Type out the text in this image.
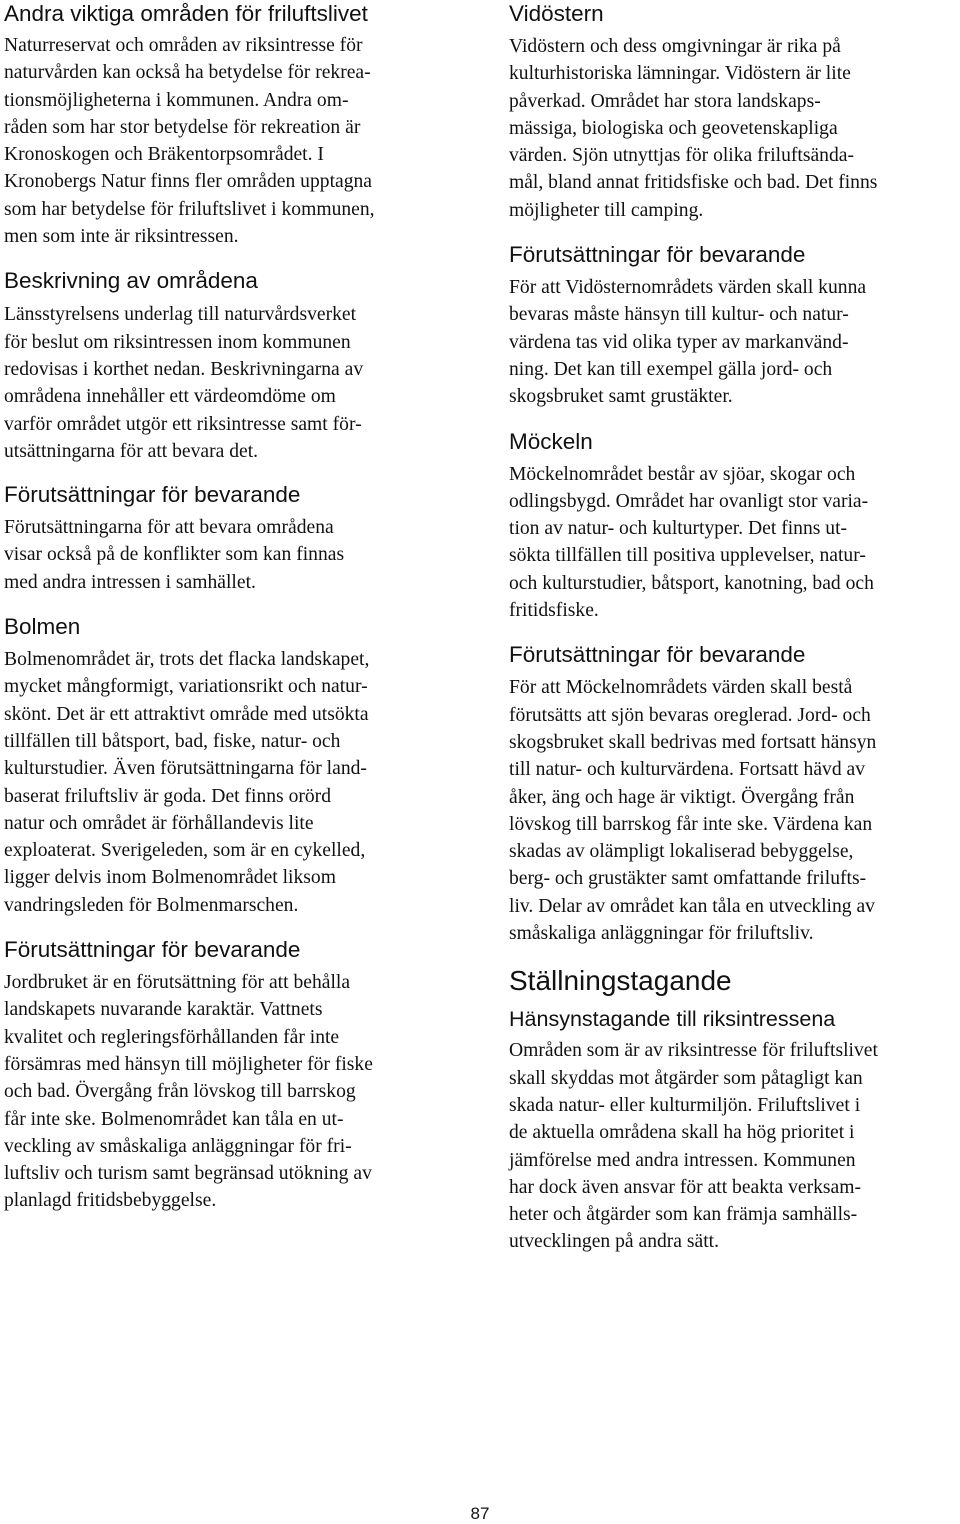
Andra viktiga områden för friluftslivet

Naturreservat och områden av riksintresse för
naturvården kan också ha betydelse för rekrea-
tionsmöjligheterna i kommunen. Andra om-
råden som har stor betydelse för rekreation är
Kronoskogen och Bräkentorpsområdet. I
Kronobergs Natur finns fler områden upptagna
som har betydelse för friluftslivet i kommunen,
men som inte är riksintressen.

Beskrivning av områdena

Länsstyrelsens underlag till naturvårdsverket
för beslut om riksintressen inom kommunen
redovisas i korthet nedan. Beskrivningarna av
områdena innehåller ett värdeomdöme om
varför området utgör ett riksintresse samt för-
utsättningarna för att bevara det.

Förutsättningar för bevarande

Förutsättningarna för att bevara områdena
visar också på de konflikter som kan finnas
med andra intressen i samhället.

Bolmen

Bolmenområdet är, trots det flacka landskapet,
mycket mångformigt, variationsrikt och natur-
skönt. Det är ett attraktivt område med utsökta
tillfällen till båtsport, bad, fiske, natur- och
kulturstudier. Även förutsättningarna för land-
baserat friluftsliv är goda. Det finns orörd
natur och området är förhållandevis lite
exploaterat. Sverigeleden, som är en cykelled,
ligger delvis inom Bolmenområdet liksom
vandringsleden för Bolmenmarschen.

Förutsättningar för bevarande

Jordbruket är en förutsättning för att behålla
landskapets nuvarande karaktär. Vattnets
kvalitet och regleringsförhållanden får inte
försämras med hänsyn till möjligheter för fiske
och bad. Övergång från lövskog till barrskog
får inte ske. Bolmenområdet kan tåla en ut-
veckling av småskaliga anläggningar för fri-
luftsliv och turism samt begränsad utökning av
planlagd fritidsbebyggelse.

Vidöstern

Vidöstern och dess omgivningar är rika på
kulturhistoriska lämningar. Vidöstern är lite
påverkad. Området har stora landskaps-
mässiga, biologiska och geovetenskapliga
värden. Sjön utnyttjas för olika friluftsända-
mål, bland annat fritidsfiske och bad. Det finns
möjligheter till camping.

Förutsättningar för bevarande

För att Vidösternområdets värden skall kunna
bevaras måste hänsyn till kultur- och natur-
värdena tas vid olika typer av markanvänd-
ning. Det kan till exempel gälla jord- och
skogsbruket samt grustäkter.

Möckeln

Möckelnområdet består av sjöar, skogar och
odlingsbygd. Området har ovanligt stor varia-
tion av natur- och kulturtyper. Det finns ut-
sökta tillfällen till positiva upplevelser, natur-
och kulturstudier, båtsport, kanotning, bad och
fritidsfiske.

Förutsättningar för bevarande

För att Möckelnområdets värden skall bestå
förutsätts att sjön bevaras oreglerad. Jord- och
skogsbruket skall bedrivas med fortsatt hänsyn
till natur- och kulturvärdena. Fortsatt hävd av
åker, äng och hage är viktigt. Övergång från
lövskog till barrskog får inte ske. Värdena kan
skadas av olämpligt lokaliserad bebyggelse,
berg- och grustäkter samt omfattande frilufts-
liv. Delar av området kan tåla en utveckling av
småskaliga anläggningar för friluftsliv.

Ställningstagande
Hänsynstagande till riksintressena

Områden som är av riksintresse för friluftslivet
skall skyddas mot åtgärder som påtagligt kan
skada natur- eller kulturmiljön. Friluftslivet i
de aktuella områdena skall ha hög prioritet i
jämförelse med andra intressen. Kommunen
har dock även ansvar för att beakta verksam-
heter och åtgärder som kan främja samhälls-
utvecklingen på andra sätt.

87
